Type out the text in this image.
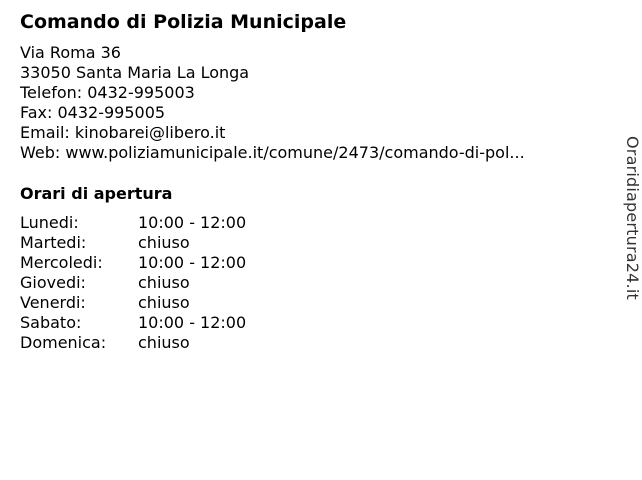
Comando di Polizia Municipale
Via Roma 36
33050 Santa Maria La Longa
Telefon: 0432-995003
Fax: 0432-995005
Email: kinobarei@libero.it
Web: www.poliziamunicipale.it/comune/2473/comando-di-pol...
Orari di apertura
Lunedi:	10:00 - 12:00
Martedi:	chiuso
Mercoledi: 10:00 - 12:00
Giovedi:	chiuso
Venerdi:	chiuso
Sabato:	10:00 - 12:00
Domenica: chiuso
Oraridiapertura24.it
